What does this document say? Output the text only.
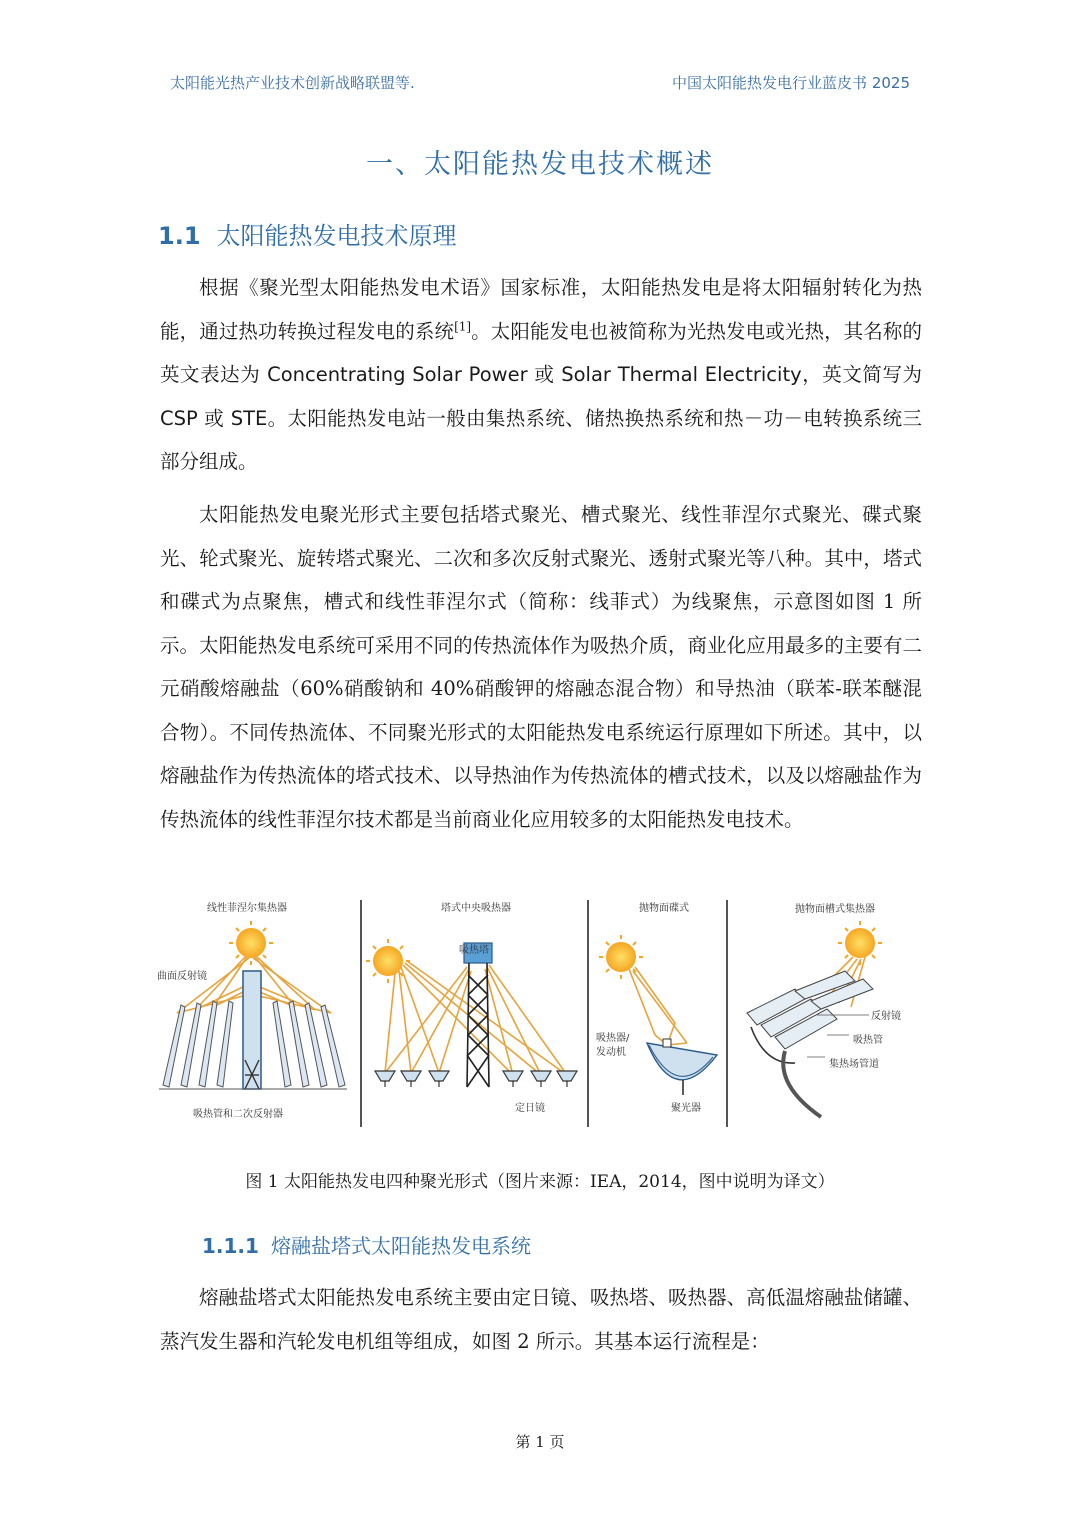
太阳能光热产业技术创新战略联盟等.	中国太阳能热发电行业蓝皮书 2025
一、太阳能热发电技术概述
1.1 太阳能热发电技术原理

根据《聚光型太阳能热发电术语》国家标准，太阳能热发电是将太阳辐射转化为热能，通过热功转换过程发电的系统[1]。太阳能发电也被简称为光热发电或光热，其名称的英文表达为 Concentrating Solar Power 或 Solar Thermal Electricity，英文简写为 CSP 或 STE。太阳能热发电站一般由集热系统、储热换热系统和热－功－电转换系统三部分组成。

太阳能热发电聚光形式主要包括塔式聚光、槽式聚光、线性菲涅尔式聚光、碟式聚光、轮式聚光、旋转塔式聚光、二次和多次反射式聚光、透射式聚光等八种。其中，塔式和碟式为点聚焦，槽式和线性菲涅尔式（简称：线菲式）为线聚焦，示意图如图 1 所示。太阳能热发电系统可采用不同的传热流体作为吸热介质，商业化应用最多的主要有二元硝酸熔融盐（60%硝酸钠和 40%硝酸钾的熔融态混合物）和导热油（联苯-联苯醚混合物）。不同传热流体、不同聚光形式的太阳能热发电系统运行原理如下所述。其中，以熔融盐作为传热流体的塔式技术、以导热油作为传热流体的槽式技术，以及以熔融盐作为传热流体的线性菲涅尔技术都是当前商业化应用较多的太阳能热发电技术。

线性菲涅尔集热器
曲面反射镜
吸热管和二次反射器
塔式中央吸热器
吸热塔
定日镜
抛物面碟式
吸热器/
发动机
聚光器
抛物面槽式集热器
反射镜
吸热管
集热场管道
图 1 太阳能热发电四种聚光形式（图片来源：IEA，2014，图中说明为译文）
1.1.1 熔融盐塔式太阳能热发电系统

熔融盐塔式太阳能热发电系统主要由定日镜、吸热塔、吸热器、高低温熔融盐储罐、蒸汽发生器和汽轮发电机组等组成，如图 2 所示。其基本运行流程是：

第 1 页
